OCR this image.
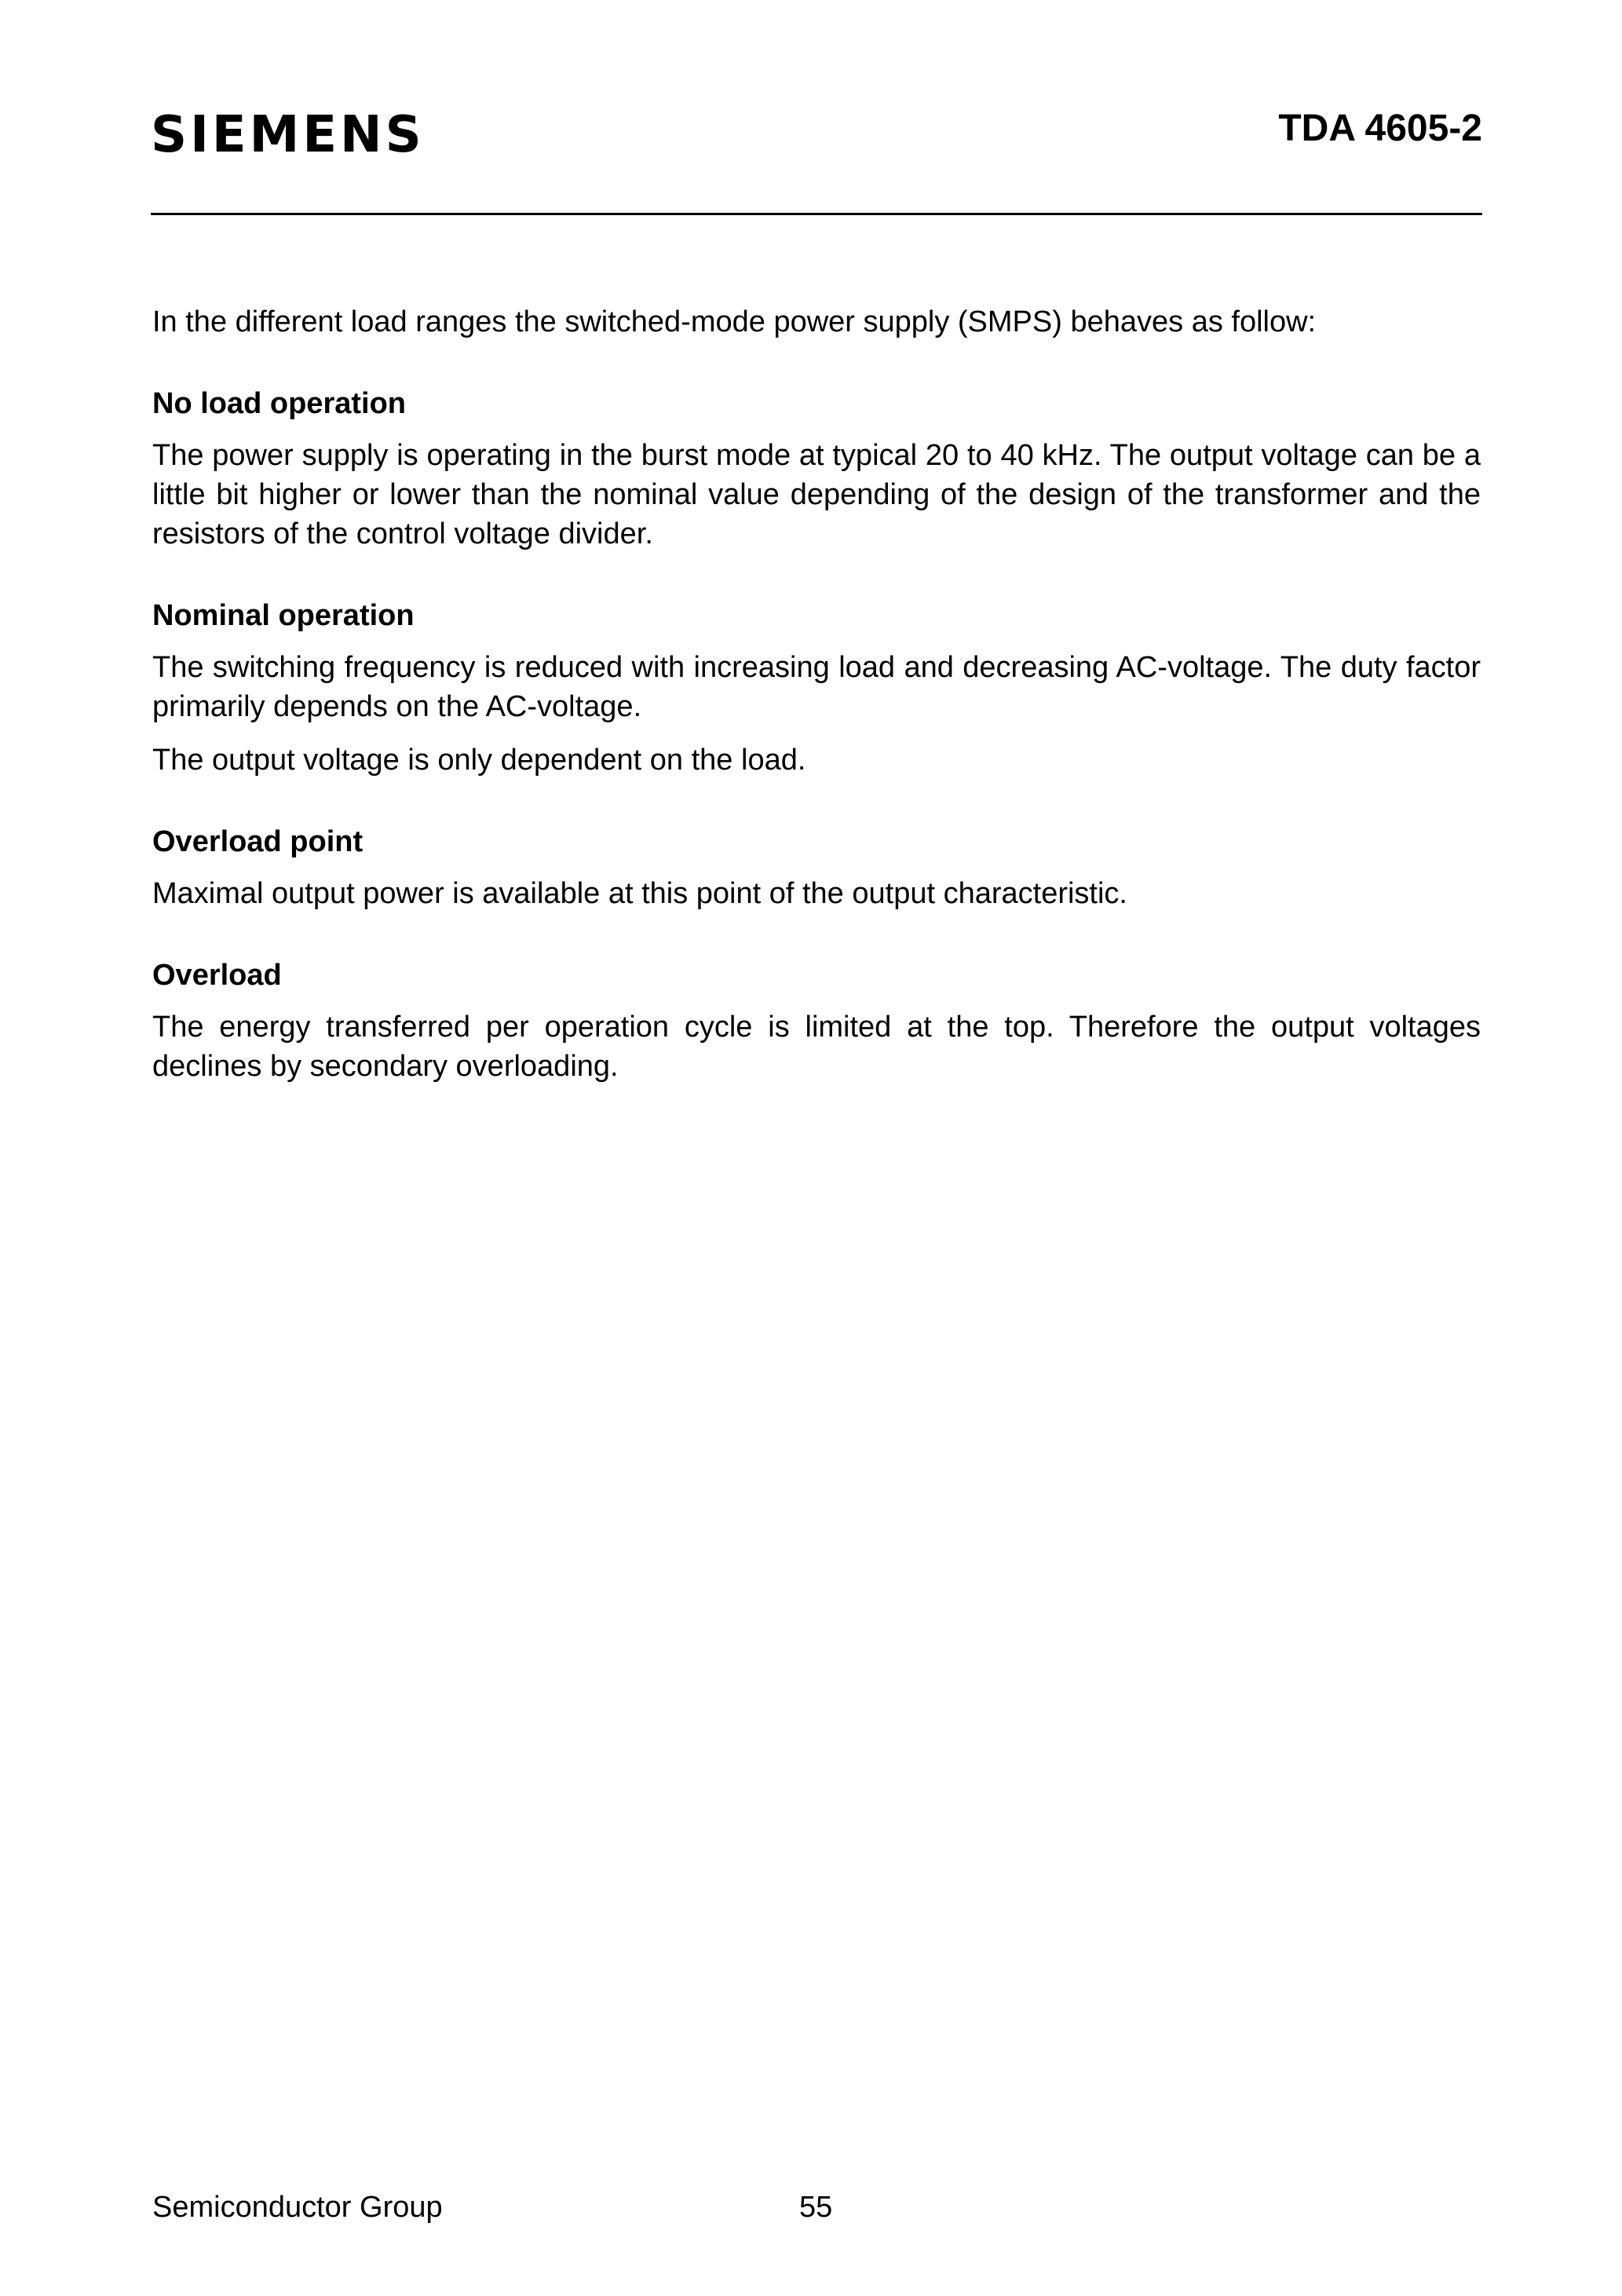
SIEMENS	TDA 4605-2

In the different load ranges the switched-mode power supply (SMPS) behaves as follow:

No load operation

The power supply is operating in the burst mode at typical 20 to 40 kHz. The output voltage can be a little bit higher or lower than the nominal value depending of the design of the transformer and the resistors of the control voltage divider.

Nominal operation

The switching frequency is reduced with increasing load and decreasing AC-voltage. The duty factor primarily depends on the AC-voltage.

The output voltage is only dependent on the load.

Overload point

Maximal output power is available at this point of the output characteristic.

Overload

The energy transferred per operation cycle is limited at the top. Therefore the output voltages declines by secondary overloading.

Semiconductor Group	55
